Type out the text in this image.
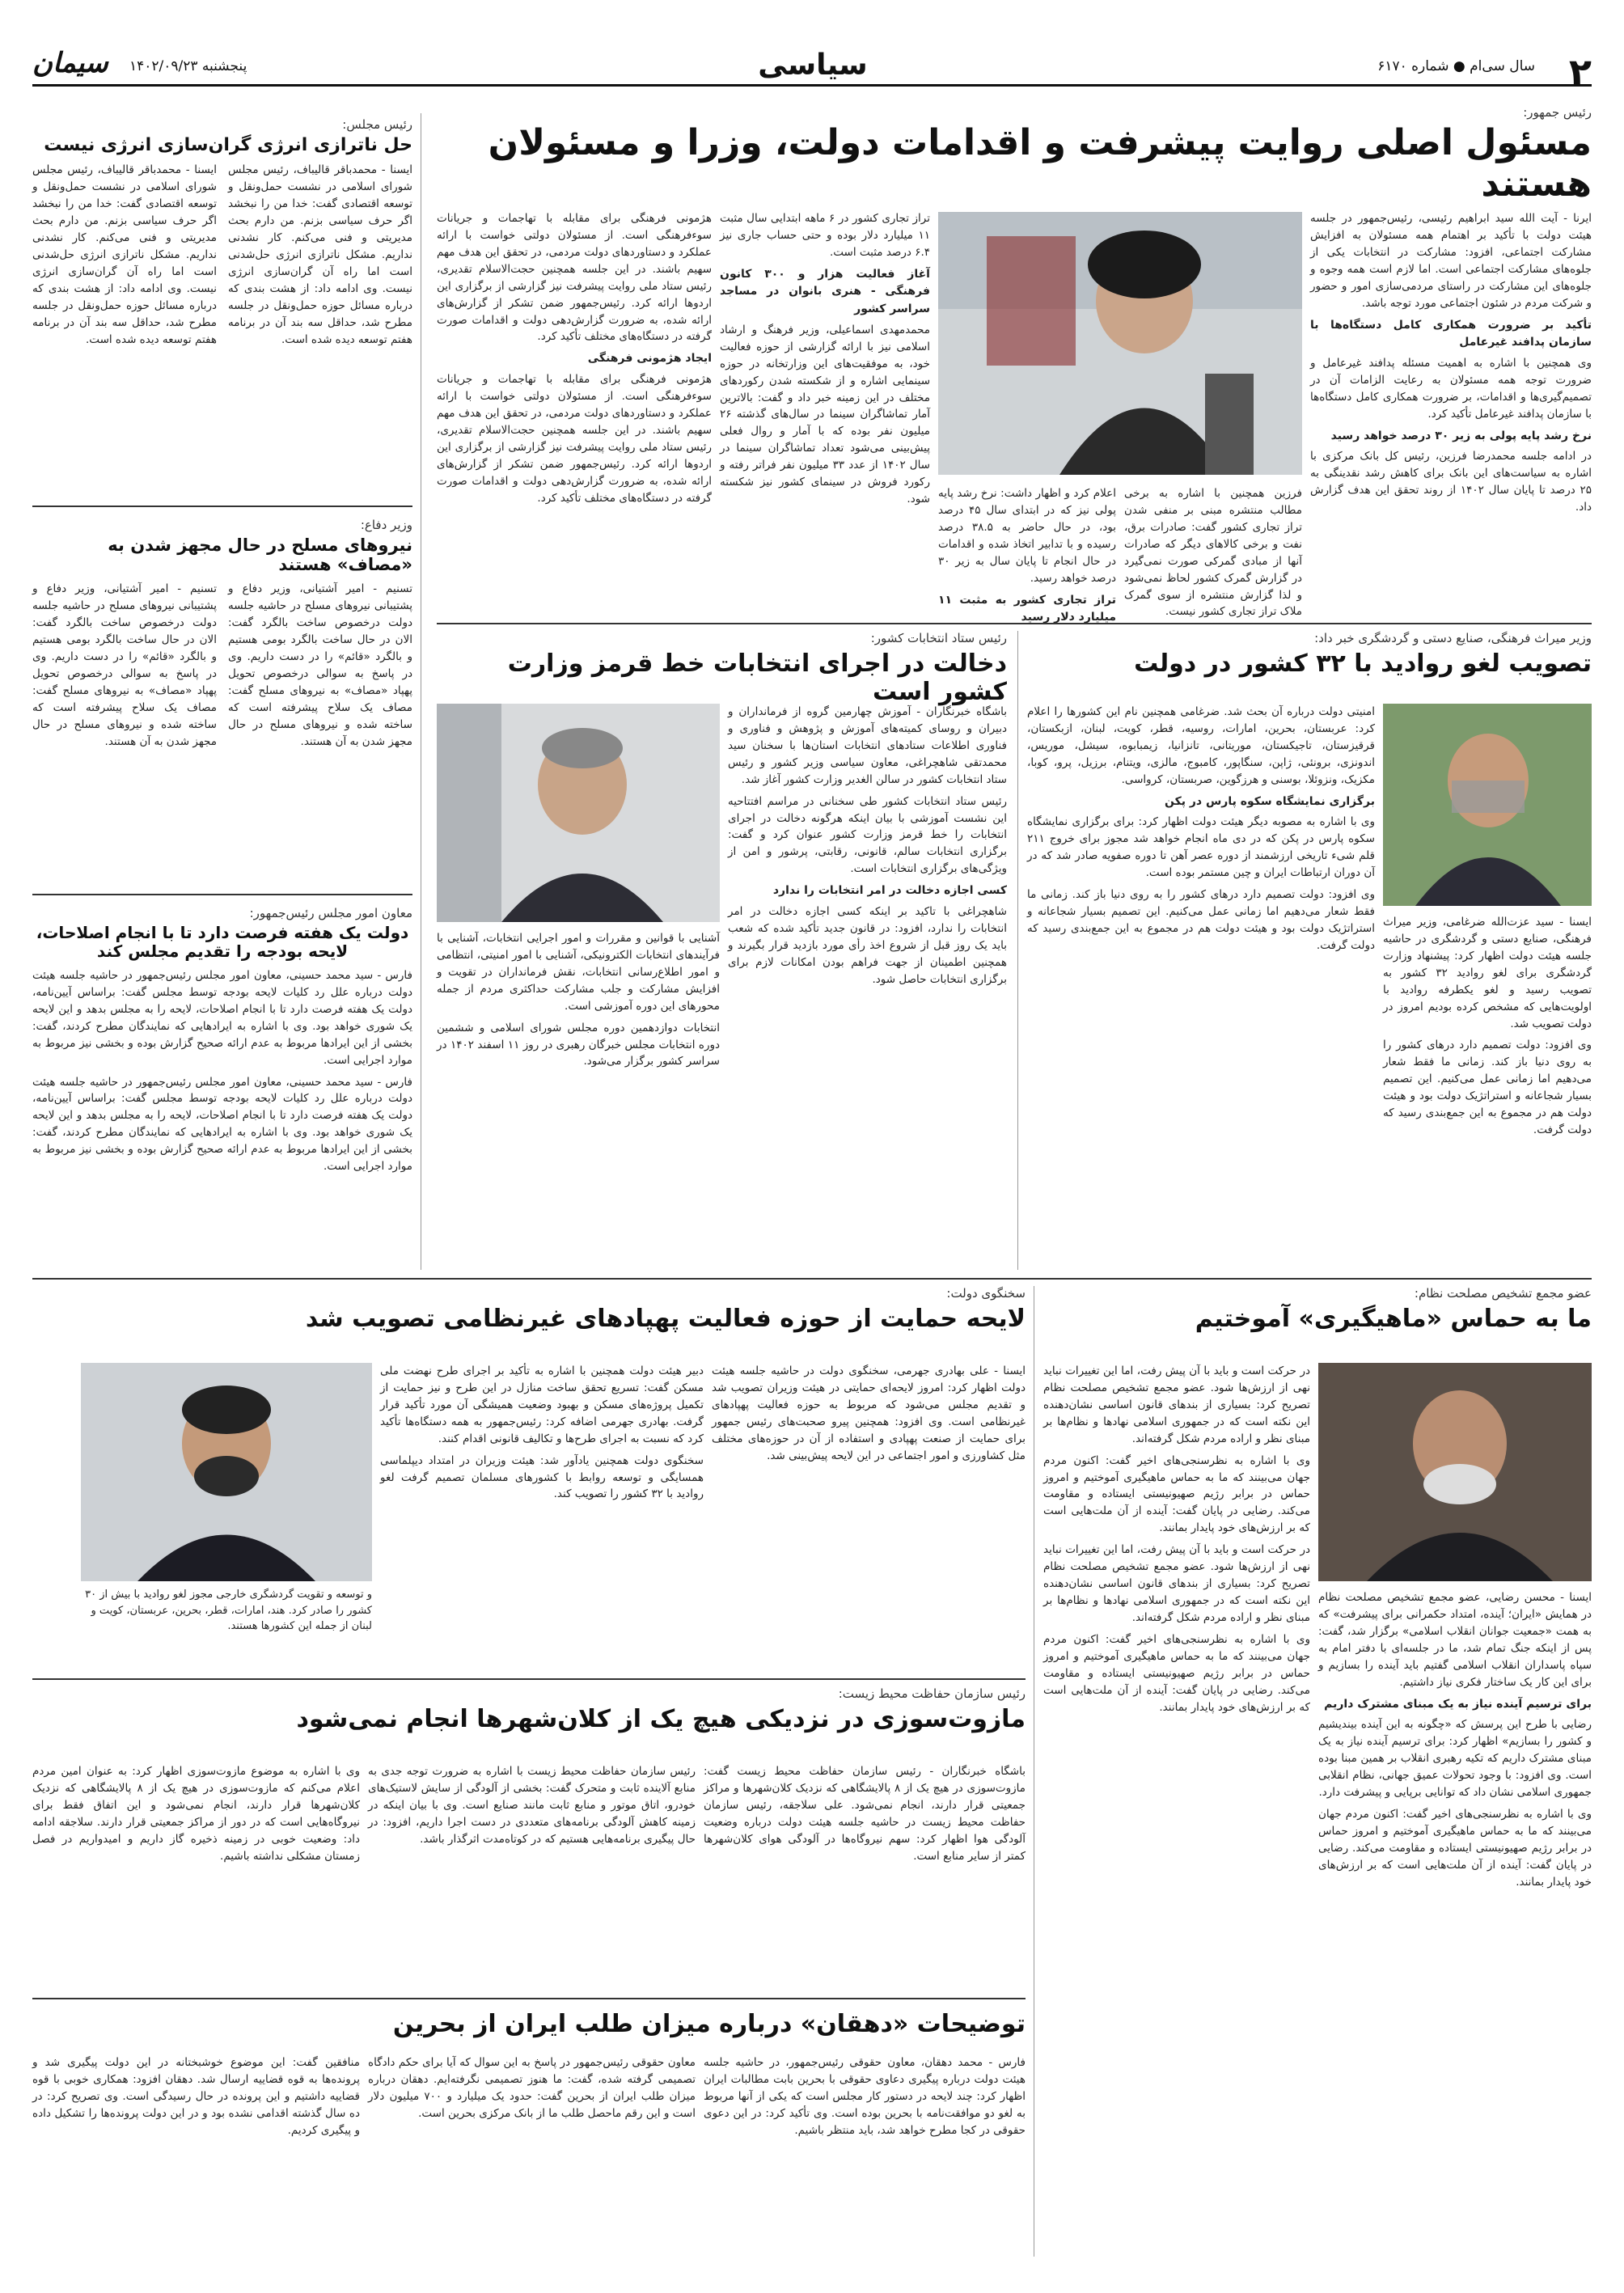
۲
سال سی‌ام ● شماره ۶۱۷۰
سیاسی
پنجشنبه ۱۴۰۲/۰۹/۲۳
سیمان
رئیس مجلس:
حل ناترازی انرژی گران‌سازی انرژی نیست

ایسنا - محمدباقر قالیباف، رئیس مجلس شورای اسلامی در نشست حمل‌ونقل و توسعه اقتصادی گفت: خدا من را نبخشد اگر حرف سیاسی بزنم. من دارم بحث مدیریتی و فنی می‌کنم. کار نشدنی نداریم. مشکل ناترازی انرژی حل‌شدنی است اما راه آن گران‌سازی انرژی نیست. وی ادامه داد: از هشت بندی که درباره مسائل حوزه حمل‌ونقل در جلسه مطرح شد، حداقل سه بند آن در برنامه هفتم توسعه دیده شده است.

ایسنا - محمدباقر قالیباف، رئیس مجلس شورای اسلامی در نشست حمل‌ونقل و توسعه اقتصادی گفت: خدا من را نبخشد اگر حرف سیاسی بزنم. من دارم بحث مدیریتی و فنی می‌کنم. کار نشدنی نداریم. مشکل ناترازی انرژی حل‌شدنی است اما راه آن گران‌سازی انرژی نیست. وی ادامه داد: از هشت بندی که درباره مسائل حوزه حمل‌ونقل در جلسه مطرح شد، حداقل سه بند آن در برنامه هفتم توسعه دیده شده است.

وزیر دفاع:
نیروهای مسلح در حال مجهز شدن به «مصاف» هستند

تسنیم - امیر آشتیانی، وزیر دفاع و پشتیبانی نیروهای مسلح در حاشیه جلسه دولت درخصوص ساخت بالگرد گفت: الان در حال ساخت بالگرد بومی هستیم و بالگرد «قائم» را در دست داریم. وی در پاسخ به سوالی درخصوص تحویل پهپاد «مصاف» به نیروهای مسلح گفت: مصاف یک سلاح پیشرفته است که ساخته شده و نیروهای مسلح در حال مجهز شدن به آن هستند.

تسنیم - امیر آشتیانی، وزیر دفاع و پشتیبانی نیروهای مسلح در حاشیه جلسه دولت درخصوص ساخت بالگرد گفت: الان در حال ساخت بالگرد بومی هستیم و بالگرد «قائم» را در دست داریم. وی در پاسخ به سوالی درخصوص تحویل پهپاد «مصاف» به نیروهای مسلح گفت: مصاف یک سلاح پیشرفته است که ساخته شده و نیروهای مسلح در حال مجهز شدن به آن هستند.

معاون امور مجلس رئیس‌جمهور:
دولت یک هفته فرصت دارد تا با انجام اصلاحات، لایحه بودجه را تقدیم مجلس کند

فارس - سید محمد حسینی، معاون امور مجلس رئیس‌جمهور در حاشیه جلسه هیئت دولت درباره علل رد کلیات لایحه بودجه توسط مجلس گفت: براساس آیین‌نامه، دولت یک هفته فرصت دارد تا با انجام اصلاحات، لایحه را به مجلس بدهد و این لایحه یک شوری خواهد بود. وی با اشاره به ایرادهایی که نمایندگان مطرح کردند، گفت: بخشی از این ایرادها مربوط به عدم ارائه صحیح گزارش بوده و بخشی نیز مربوط به موارد اجرایی است.

فارس - سید محمد حسینی، معاون امور مجلس رئیس‌جمهور در حاشیه جلسه هیئت دولت درباره علل رد کلیات لایحه بودجه توسط مجلس گفت: براساس آیین‌نامه، دولت یک هفته فرصت دارد تا با انجام اصلاحات، لایحه را به مجلس بدهد و این لایحه یک شوری خواهد بود. وی با اشاره به ایرادهایی که نمایندگان مطرح کردند، گفت: بخشی از این ایرادها مربوط به عدم ارائه صحیح گزارش بوده و بخشی نیز مربوط به موارد اجرایی است.

رئیس جمهور:
مسئول اصلی روایت پیشرفت و اقدامات دولت، وزرا و مسئولان هستند

ایرنا - آیت الله سید ابراهیم رئیسی، رئیس‌جمهور در جلسه هیئت دولت با تأکید بر اهتمام همه مسئولان به افزایش مشارکت اجتماعی، افزود: مشارکت در انتخابات یکی از جلوه‌های مشارکت اجتماعی است. اما لازم است همه وجوه و جلوه‌های این مشارکت در راستای مردمی‌سازی امور و حضور و شرکت مردم در شئون اجتماعی مورد توجه باشد.

تأکید بر ضرورت همکاری کامل دستگاه‌ها با سازمان پدافند غیرعامل

وی همچنین با اشاره به اهمیت مسئله پدافند غیرعامل و ضرورت توجه همه مسئولان به رعایت الزامات آن در تصمیم‌گیری‌ها و اقدامات، بر ضرورت همکاری کامل دستگاه‌ها با سازمان پدافند غیرعامل تأکید کرد.

نرخ رشد پایه پولی به زیر ۳۰ درصد خواهد رسید

در ادامه جلسه محمدرضا فرزین، رئیس کل بانک مرکزی با اشاره به سیاست‌های این بانک برای کاهش رشد نقدینگی به ۲۵ درصد تا پایان سال ۱۴۰۲ از روند تحقق این هدف گزارش داد.

اعلام کرد و اظهار داشت: نرخ رشد پایه پولی نیز که در ابتدای سال ۴۵ درصد بود، در حال حاضر به ۳۸.۵ درصد رسیده و با تدابیر اتخاذ شده و اقدامات در حال انجام تا پایان سال به زیر ۳۰ درصد خواهد رسید.

تراز تجاری کشور به مثبت ۱۱ میلیارد دلار رسید

فرزین همچنین با اشاره به برخی مطالب منتشره مبنی بر منفی شدن تراز تجاری کشور گفت: صادرات برق، نفت و برخی کالاهای دیگر که صادرات آنها از مبادی گمرکی صورت نمی‌گیرد در گزارش گمرک کشور لحاظ نمی‌شود و لذا گزارش منتشره از سوی گمرک ملاک تراز تجاری کشور نیست.

تراز تجاری کشور در ۶ ماهه ابتدایی سال مثبت ۱۱ میلیارد دلار بوده و حتی حساب جاری نیز ۶.۴ درصد مثبت است.

آغاز فعالیت هزار و ۳۰۰ کانون فرهنگی - هنری بانوان در مساجد سراسر کشور

محمدمهدی اسماعیلی، وزیر فرهنگ و ارشاد اسلامی نیز با ارائه گزارشی از حوزه فعالیت خود، به موفقیت‌های این وزارتخانه در حوزه سینمایی اشاره و از شکسته شدن رکوردهای مختلف در این زمینه خبر داد و گفت: بالاترین آمار تماشاگران سینما در سال‌های گذشته ۲۶ میلیون نفر بوده که با آمار و روال فعلی پیش‌بینی می‌شود تعداد تماشاگران سینما در سال ۱۴۰۲ از عدد ۳۳ میلیون نفر فراتر رفته و رکورد فروش در سینمای کشور نیز شکسته شود.

هژمونی فرهنگی برای مقابله با تهاجمات و جریانات سوءفرهنگی است. از مسئولان دولتی خواست با ارائه عملکرد و دستاوردهای دولت مردمی، در تحقق این هدف مهم سهیم باشند. در این جلسه همچنین حجت‌الاسلام تقدیری، رئیس ستاد ملی روایت پیشرفت نیز گزارشی از برگزاری این اردوها ارائه کرد. رئیس‌جمهور ضمن تشکر از گزارش‌های ارائه شده، به ضرورت گزارش‌دهی دولت و اقدامات صورت گرفته در دستگاه‌های مختلف تأکید کرد.

ایجاد هژمونی فرهنگی

هژمونی فرهنگی برای مقابله با تهاجمات و جریانات سوءفرهنگی است. از مسئولان دولتی خواست با ارائه عملکرد و دستاوردهای دولت مردمی، در تحقق این هدف مهم سهیم باشند. در این جلسه همچنین حجت‌الاسلام تقدیری، رئیس ستاد ملی روایت پیشرفت نیز گزارشی از برگزاری این اردوها ارائه کرد. رئیس‌جمهور ضمن تشکر از گزارش‌های ارائه شده، به ضرورت گزارش‌دهی دولت و اقدامات صورت گرفته در دستگاه‌های مختلف تأکید کرد.

وزیر میراث فرهنگی، صنایع دستی و گردشگری خبر داد:
تصویب لغو روادید با ۳۲ کشور در دولت

امنیتی دولت درباره آن بحث شد. ضرغامی همچنین نام این کشورها را اعلام کرد: عربستان، بحرین، امارات، روسیه، قطر، کویت، لبنان، ازبکستان، قرقیزستان، تاجیکستان، موریتانی، تانزانیا، زیمبابوه، سیشل، موریس، اندونزی، برونئی، ژاپن، سنگاپور، کامبوج، مالزی، ویتنام، برزیل، پرو، کوبا، مکزیک، ونزوئلا، بوسنی و هرزگوین، صربستان، کرواسی.

برگزاری نمایشگاه سکوه پارس در پکن

وی با اشاره به مصوبه دیگر هیئت دولت اظهار کرد: برای برگزاری نمایشگاه سکوه پارس در پکن که در دی ماه انجام خواهد شد مجوز برای خروج ۲۱۱ قلم شیء تاریخی ارزشمند از دوره عصر آهن تا دوره صفویه صادر شد که در آن دوران ارتباطات ایران و چین مستمر بوده است.

وی افزود: دولت تصمیم دارد درهای کشور را به روی دنیا باز کند. زمانی ما فقط شعار می‌دهیم اما زمانی عمل می‌کنیم. این تصمیم بسیار شجاعانه و استراتژیک دولت بود و هیئت دولت هم در مجموع به این جمع‌بندی رسید که دولت گرفت.

ایسنا - سید عزت‌الله ضرغامی، وزیر میراث فرهنگی، صنایع دستی و گردشگری در حاشیه جلسه هیئت دولت اظهار کرد: پیشنهاد وزارت گردشگری برای لغو روادید ۳۲ کشور به تصویب رسید و لغو یکطرفه روادید با اولویت‌هایی که مشخص کرده بودیم امروز در دولت تصویب شد.

وی افزود: دولت تصمیم دارد درهای کشور را به روی دنیا باز کند. زمانی ما فقط شعار می‌دهیم اما زمانی عمل می‌کنیم. این تصمیم بسیار شجاعانه و استراتژیک دولت بود و هیئت دولت هم در مجموع به این جمع‌بندی رسید که دولت گرفت.

رئیس ستاد انتخابات کشور:
دخالت در اجرای انتخابات خط قرمز وزارت کشور است

باشگاه خبرنگاران - آموزش چهارمین گروه از فرمانداران و دبیران و روسای کمیته‌های آموزش و پژوهش و فناوری و فناوری اطلاعات ستادهای انتخابات استان‌ها با سخنان سید محمدتقی شاهچراغی، معاون سیاسی وزیر کشور و رئیس ستاد انتخابات کشور در سالن الغدیر وزارت کشور آغاز شد.

رئیس ستاد انتخابات کشور طی سخنانی در مراسم افتتاحیه این نشست آموزشی با بیان اینکه هرگونه دخالت در اجرای انتخابات را خط قرمز وزارت کشور عنوان کرد و گفت: برگزاری انتخابات سالم، قانونی، رقابتی، پرشور و امن از ویژگی‌های برگزاری انتخابات است.

کسی اجازه دخالت در امر انتخابات را ندارد

شاهچراغی با تاکید بر اینکه کسی اجازه دخالت در امر انتخابات را ندارد، افزود: در قانون جدید تأکید شده که شعب باید یک روز قبل از شروع اخذ رأی مورد بازدید قرار بگیرند و همچنین اطمینان از جهت فراهم بودن امکانات لازم برای برگزاری انتخابات حاصل شود.

آشنایی با قوانین و مقررات و امور اجرایی انتخابات، آشنایی با فرآیندهای انتخابات الکترونیکی، آشنایی با امور امنیتی، انتظامی و امور اطلاع‌رسانی انتخابات، نقش فرمانداران در تقویت و افزایش مشارکت و جلب مشارکت حداکثری مردم از جمله محورهای این دوره آموزشی است.

انتخابات دوازدهمین دوره مجلس شورای اسلامی و ششمین دوره انتخابات مجلس خبرگان رهبری در روز ۱۱ اسفند ۱۴۰۲ در سراسر کشور برگزار می‌شود.

عضو مجمع تشخیص مصلحت نظام:
ما به حماس «ماهیگیری» آموختیم

در حرکت است و باید با آن پیش رفت، اما این تغییرات نباید نهی از ارزش‌ها شود. عضو مجمع تشخیص مصلحت نظام تصریح کرد: بسیاری از بندهای قانون اساسی نشان‌دهنده این نکته است که در جمهوری اسلامی نهادها و نظام‌ها بر مبنای نظر و اراده مردم شکل گرفته‌اند.

وی با اشاره به نظرسنجی‌های اخیر گفت: اکنون مردم جهان می‌بینند که ما به حماس ماهیگیری آموختیم و امروز حماس در برابر رژیم صهیونیستی ایستاده و مقاومت می‌کند. رضایی در پایان گفت: آینده از آن ملت‌هایی است که بر ارزش‌های خود پایدار بمانند.

در حرکت است و باید با آن پیش رفت، اما این تغییرات نباید نهی از ارزش‌ها شود. عضو مجمع تشخیص مصلحت نظام تصریح کرد: بسیاری از بندهای قانون اساسی نشان‌دهنده این نکته است که در جمهوری اسلامی نهادها و نظام‌ها بر مبنای نظر و اراده مردم شکل گرفته‌اند.

وی با اشاره به نظرسنجی‌های اخیر گفت: اکنون مردم جهان می‌بینند که ما به حماس ماهیگیری آموختیم و امروز حماس در برابر رژیم صهیونیستی ایستاده و مقاومت می‌کند. رضایی در پایان گفت: آینده از آن ملت‌هایی است که بر ارزش‌های خود پایدار بمانند.

ایسنا - محسن رضایی، عضو مجمع تشخیص مصلحت نظام در همایش «ایران؛ آینده، امتداد حکمرانی برای پیشرفت» که به همت «جمعیت جوانان انقلاب اسلامی» برگزار شد، گفت: پس از اینکه جنگ تمام شد، ما در جلسه‌ای با دفتر امام به سپاه پاسداران انقلاب اسلامی گفتیم باید آینده را بسازیم و برای این کار یک ساختار فکری نیاز داشتیم.

برای ترسیم آینده نیاز به یک مبنای مشترک داریم

رضایی با طرح این پرسش که «چگونه به این آینده بیندیشیم و کشور را بسازیم» اظهار کرد: برای ترسیم آینده نیاز به یک مبنای مشترک داریم که تکیه رهبری انقلاب بر همین مبنا بوده است. وی افزود: با وجود تحولات عمیق جهانی، نظام انقلابی جمهوری اسلامی نشان داد که توانایی برپایی و پیشرفت دارد.

وی با اشاره به نظرسنجی‌های اخیر گفت: اکنون مردم جهان می‌بینند که ما به حماس ماهیگیری آموختیم و امروز حماس در برابر رژیم صهیونیستی ایستاده و مقاومت می‌کند. رضایی در پایان گفت: آینده از آن ملت‌هایی است که بر ارزش‌های خود پایدار بمانند.

سخنگوی دولت:
لایحه حمایت از حوزه فعالیت پهپادهای غیرنظامی تصویب شد

ایسنا - علی بهادری جهرمی، سخنگوی دولت در حاشیه جلسه هیئت دولت اظهار کرد: امروز لایحه‌ای حمایتی در هیئت وزیران تصویب شد و تقدیم مجلس می‌شود که مربوط به حوزه فعالیت پهپادهای غیرنظامی است. وی افزود: همچنین پیرو صحبت‌های رئیس جمهور برای حمایت از صنعت پهپادی و استفاده از آن در حوزه‌های مختلف مثل کشاورزی و امور اجتماعی در این لایحه پیش‌بینی شد.

دبیر هیئت دولت همچنین با اشاره به تأکید بر اجرای طرح نهضت ملی مسکن گفت: تسریع تحقق ساخت منازل در این طرح و نیز حمایت از تکمیل پروژه‌های مسکن و بهبود وضعیت همیشگی آن مورد تأکید قرار گرفت. بهادری جهرمی اضافه کرد: رئیس‌جمهور به همه دستگاه‌ها تأکید کرد که نسبت به اجرای طرح‌ها و تکالیف قانونی اقدام کنند.

سخنگوی دولت همچنین یادآور شد: هیئت وزیران در امتداد دیپلماسی همسایگی و توسعه روابط با کشورهای مسلمان تصمیم گرفت لغو روادید با ۳۲ کشور را تصویب کند.

و توسعه و تقویت گردشگری خارجی مجوز لغو روادید با بیش از ۳۰ کشور را صادر کرد. هند، امارات، قطر، بحرین، عربستان، کویت و لبنان از جمله این کشورها هستند.
رئیس سازمان حفاظت محیط زیست:
مازوت‌سوزی در نزدیکی هیچ یک از کلان‌شهرها انجام نمی‌شود

باشگاه خبرنگاران - رئیس سازمان حفاظت محیط زیست گفت: مازوت‌سوزی در هیچ یک از ۸ پالایشگاهی که نزدیک کلان‌شهرها و مراکز جمعیتی قرار دارند، انجام نمی‌شود. علی سلاجقه، رئیس سازمان حفاظت محیط زیست در حاشیه جلسه هیئت دولت درباره وضعیت آلودگی هوا اظهار کرد: سهم نیروگاه‌ها در آلودگی هوای کلان‌شهرها کمتر از سایر منابع است.

رئیس سازمان حفاظت محیط زیست با اشاره به ضرورت توجه جدی به منابع آلاینده ثابت و متحرک گفت: بخشی از آلودگی از سایش لاستیک‌های خودرو، اتاق موتور و منابع ثابت مانند صنایع است. وی با بیان اینکه در زمینه کاهش آلودگی برنامه‌های متعددی در دست اجرا داریم، افزود: در حال پیگیری برنامه‌هایی هستیم که در کوتاه‌مدت اثرگذار باشد.

وی با اشاره به موضوع مازوت‌سوزی اظهار کرد: به عنوان امین مردم اعلام می‌کنم که مازوت‌سوزی در هیچ یک از ۸ پالایشگاهی که نزدیک کلان‌شهرها قرار دارند، انجام نمی‌شود و این اتفاق فقط برای نیروگاه‌هایی است که در دور از مراکز جمعیتی قرار دارند. سلاجقه ادامه داد: وضعیت خوبی در زمینه ذخیره گاز داریم و امیدواریم در فصل زمستان مشکلی نداشته باشیم.

توضیحات «دهقان» درباره میزان طلب ایران از بحرین

فارس - محمد دهقان، معاون حقوقی رئیس‌جمهور، در حاشیه جلسه هیئت دولت درباره پیگیری دعاوی حقوقی با بحرین بابت مطالبات ایران اظهار کرد: چند لایحه در دستور کار مجلس است که یکی از آنها مربوط به لغو دو موافقت‌نامه با بحرین بوده است. وی تأکید کرد: در این دعوی حقوقی در کجا مطرح خواهد شد، باید منتظر باشیم.

معاون حقوقی رئیس‌جمهور در پاسخ به این سوال که آیا برای حکم دادگاه تصمیمی گرفته شده، گفت: ما هنوز تصمیمی نگرفته‌ایم. دهقان درباره میزان طلب ایران از بحرین گفت: حدود یک میلیارد و ۷۰۰ میلیون دلار است و این رقم ماحصل طلب ما از بانک مرکزی بحرین است.

منافقین گفت: این موضوع خوشبختانه در این دولت پیگیری شد و پرونده‌ها به قوه قضاییه ارسال شد. دهقان افزود: همکاری خوبی با قوه قضاییه داشتیم و این پرونده در حال رسیدگی است. وی تصریح کرد: در ده سال گذشته اقدامی نشده بود و در این دولت پرونده‌ها را تشکیل داده و پیگیری کردیم.
